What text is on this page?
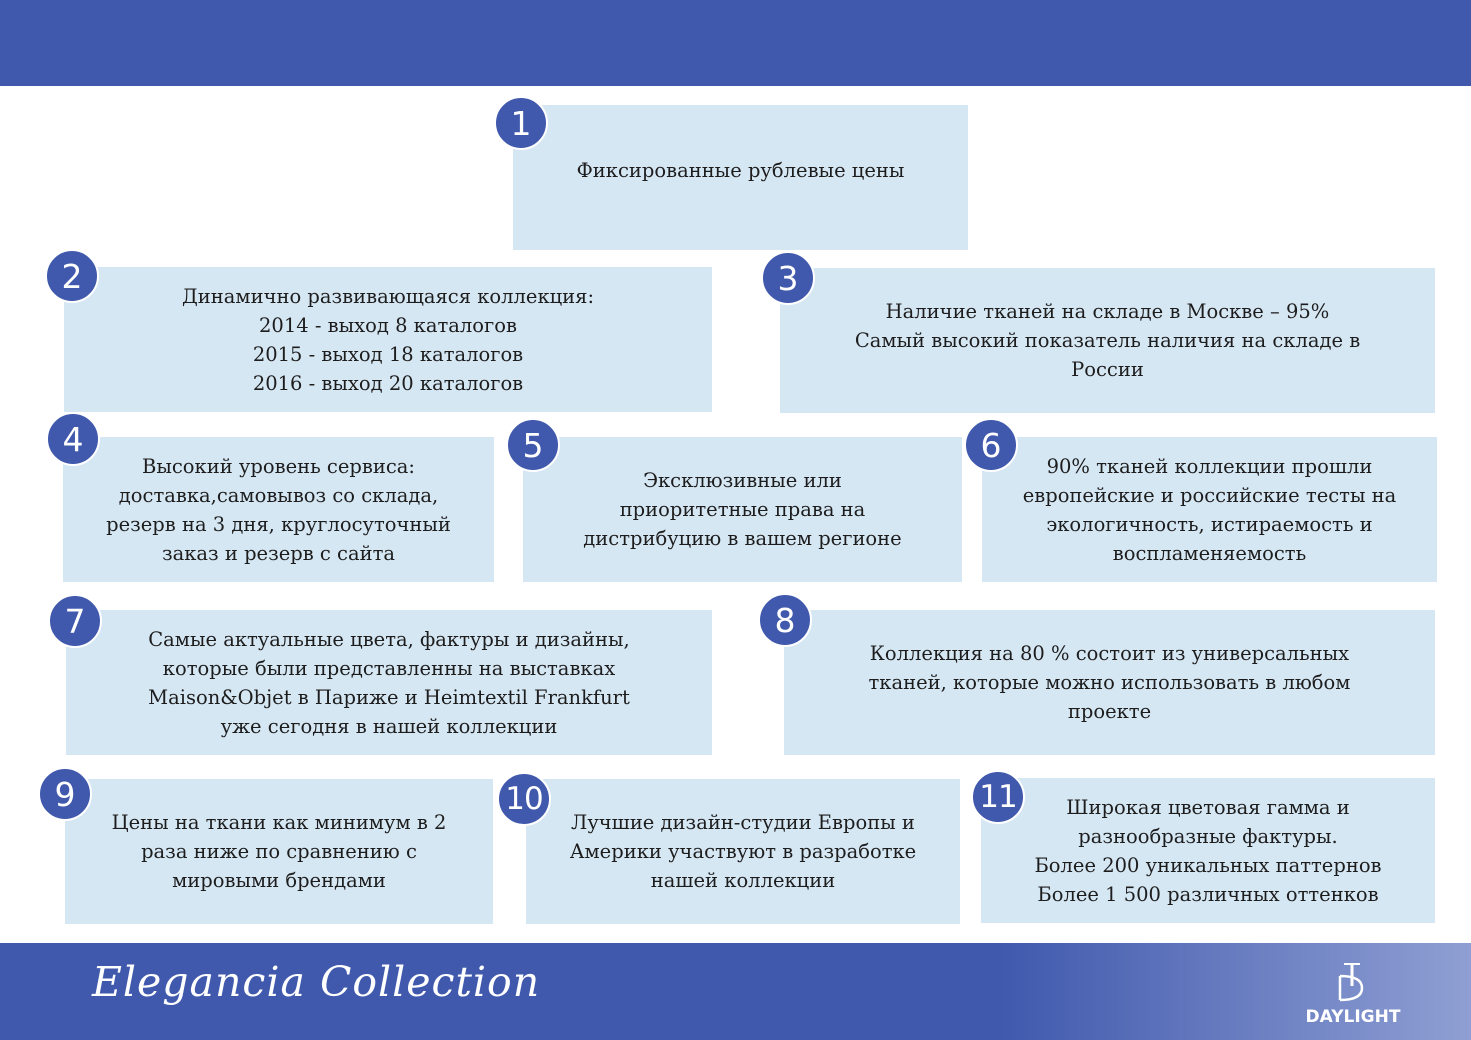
Фиксированные рублевые цены
1
Динамично развивающаяся коллекция:
2014 - выход 8 каталогов
2015 - выход 18 каталогов
2016 - выход 20 каталогов
2
Наличие тканей на складе в Москве – 95%
Самый высокий показатель наличия на складе в
России
3
Высокий уровень сервиса:
доставка,самовывоз со склада,
резерв на 3 дня, круглосуточный
заказ и резерв с сайта
4
Эксклюзивные или
приоритетные права на
дистрибуцию в вашем регионе
5
90% тканей коллекции прошли
европейские и российские тесты на
экологичность, истираемость и
воспламеняемость
6
Самые актуальные цвета, фактуры и дизайны,
которые были представленны на выставках
Maison&Objet в Париже и Heimtextil Frankfurt
уже сегодня в нашей коллекции
7
Коллекция на 80 % состоит из универсальных
тканей, которые можно использовать в любом
проекте
8
Цены на ткани как минимум в 2
раза ниже по сравнению с
мировыми брендами
9
Лучшие дизайн-студии Европы и
Америки участвуют в разработке
нашей коллекции
10	Широкая цветовая гамма и
разнообразные фактуры.
Более 200 уникальных паттернов
Более 1 500 различных оттенков
11
Elegancia Collection
DAYLIGHT
